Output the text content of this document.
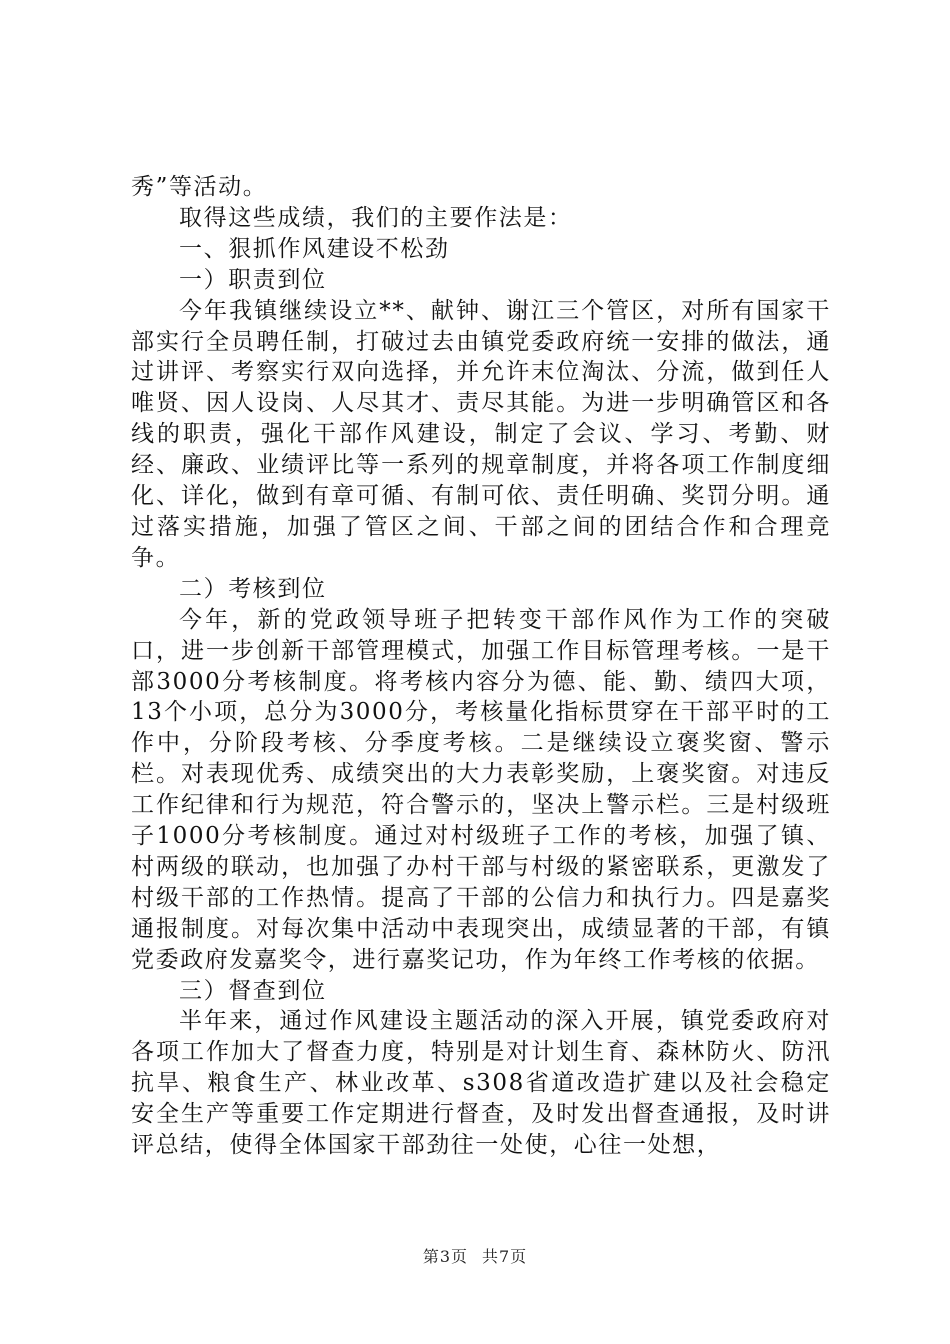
秀”等活动。

取得这些成绩，我们的主要作法是：

一、狠抓作风建设不松劲

一）职责到位

今年我镇继续设立**、献钟、谢江三个管区，对所有国家干部实行全员聘任制，打破过去由镇党委政府统一安排的做法，通过讲评、考察实行双向选择，并允许末位淘汰、分流，做到任人唯贤、因人设岗、人尽其才、责尽其能。为进一步明确管区和各线的职责，强化干部作风建设，制定了会议、学习、考勤、财经、廉政、业绩评比等一系列的规章制度，并将各项工作制度细化、详化，做到有章可循、有制可依、责任明确、奖罚分明。通过落实措施，加强了管区之间、干部之间的团结合作和合理竞争。

二）考核到位

今年，新的党政领导班子把转变干部作风作为工作的突破口，进一步创新干部管理模式，加强工作目标管理考核。一是干部3000分考核制度。将考核内容分为德、能、勤、绩四大项，13个小项，总分为3000分，考核量化指标贯穿在干部平时的工作中，分阶段考核、分季度考核。二是继续设立褒奖窗、警示栏。对表现优秀、成绩突出的大力表彰奖励，上褒奖窗。对违反工作纪律和行为规范，符合警示的，坚决上警示栏。三是村级班子1000分考核制度。通过对村级班子工作的考核，加强了镇、村两级的联动，也加强了办村干部与村级的紧密联系，更激发了村级干部的工作热情。提高了干部的公信力和执行力。四是嘉奖通报制度。对每次集中活动中表现突出，成绩显著的干部，有镇党委政府发嘉奖令，进行嘉奖记功，作为年终工作考核的依据。

三）督查到位

半年来，通过作风建设主题活动的深入开展，镇党委政府对各项工作加大了督查力度，特别是对计划生育、森林防火、防汛抗旱、粮食生产、林业改革、s308省道改造扩建以及社会稳定安全生产等重要工作定期进行督查，及时发出督查通报，及时讲评总结，使得全体国家干部劲往一处使，心往一处想，

第3页 共7页
